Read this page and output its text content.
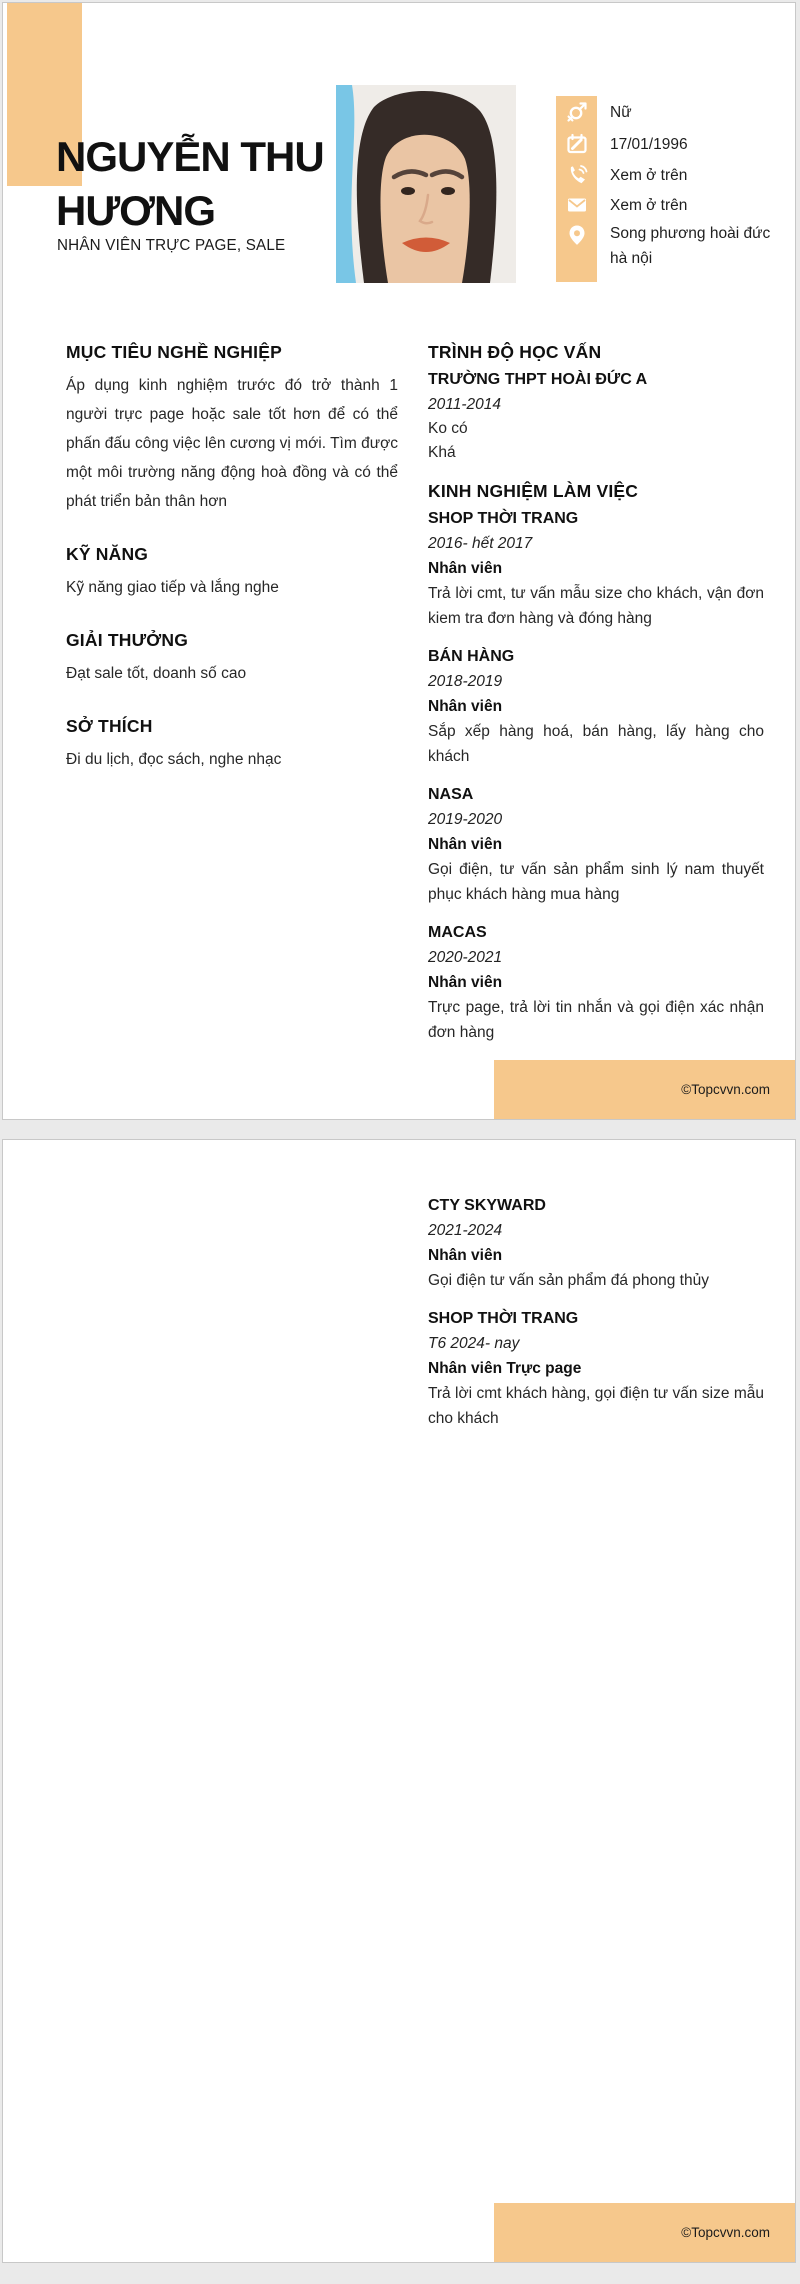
NGUYỄN THU
HƯƠNG
NHÂN VIÊN TRỰC PAGE, SALE
Nữ
17/01/1996
Xem ở trên
Xem ở trên
Song phương hoài đức hà nội
MỤC TIÊU NGHỀ NGHIỆP

Áp dụng kinh nghiệm trước đó trở thành 1 người trực page hoặc sale tốt hơn để có thể phấn đấu công việc lên cương vị mới. Tìm được một môi trường năng động hoà đồng và có thể phát triển bản thân hơn

KỸ NĂNG

Kỹ năng giao tiếp và lắng nghe

GIẢI THƯỞNG

Đạt sale tốt, doanh số cao

SỞ THÍCH

Đi du lịch, đọc sách, nghe nhạc

TRÌNH ĐỘ HỌC VẤN
TRƯỜNG THPT HOÀI ĐỨC A
2011-2014
Ko có
Khá
KINH NGHIỆM LÀM VIỆC
SHOP THỜI TRANG
2016- hết 2017
Nhân viên
Trả lời cmt, tư vấn mẫu size cho khách, vận đơn kiem tra đơn hàng và đóng hàng
BÁN HÀNG
2018-2019
Nhân viên
Sắp xếp hàng hoá, bán hàng, lấy hàng cho khách
NASA
2019-2020
Nhân viên
Gọi điện, tư vấn sản phẩm sinh lý nam thuyết phục khách hàng mua hàng
MACAS
2020-2021
Nhân viên
Trực page, trả lời tin nhắn và gọi điện xác nhận đơn hàng
©Topcvvn.com
CTY SKYWARD
2021-2024
Nhân viên
Gọi điện tư vấn sản phẩm đá phong thủy
SHOP THỜI TRANG
T6 2024- nay
Nhân viên Trực page
Trả lời cmt khách hàng, gọi điện tư vấn size mẫu cho khách
©Topcvvn.com
